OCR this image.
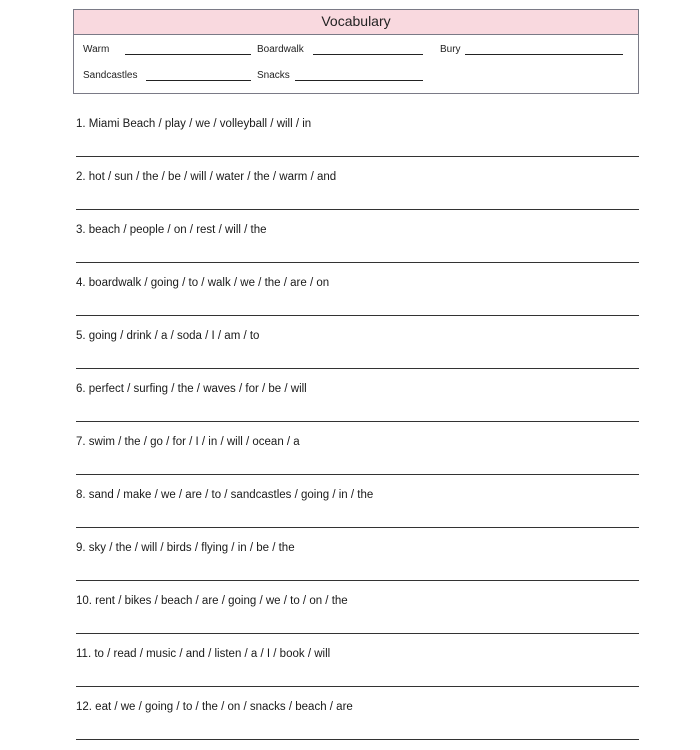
Vocabulary
Warm	Boardwalk	Bury
Sandcastles	Snacks
1. Miami Beach / play / we / volleyball / will / in
2. hot / sun / the / be / will / water / the / warm / and
3. beach / people / on / rest / will / the
4. boardwalk / going / to / walk / we / the / are / on
5. going / drink / a / soda / I / am / to
6. perfect / surfing / the / waves / for / be / will
7. swim / the / go / for / I / in / will / ocean / a
8. sand / make / we / are / to / sandcastles / going / in / the
9. sky / the / will / birds / flying / in / be / the
10. rent / bikes / beach / are / going / we / to / on / the
11. to / read / music / and / listen / a / I / book / will
12. eat / we / going / to / the / on / snacks / beach / are
